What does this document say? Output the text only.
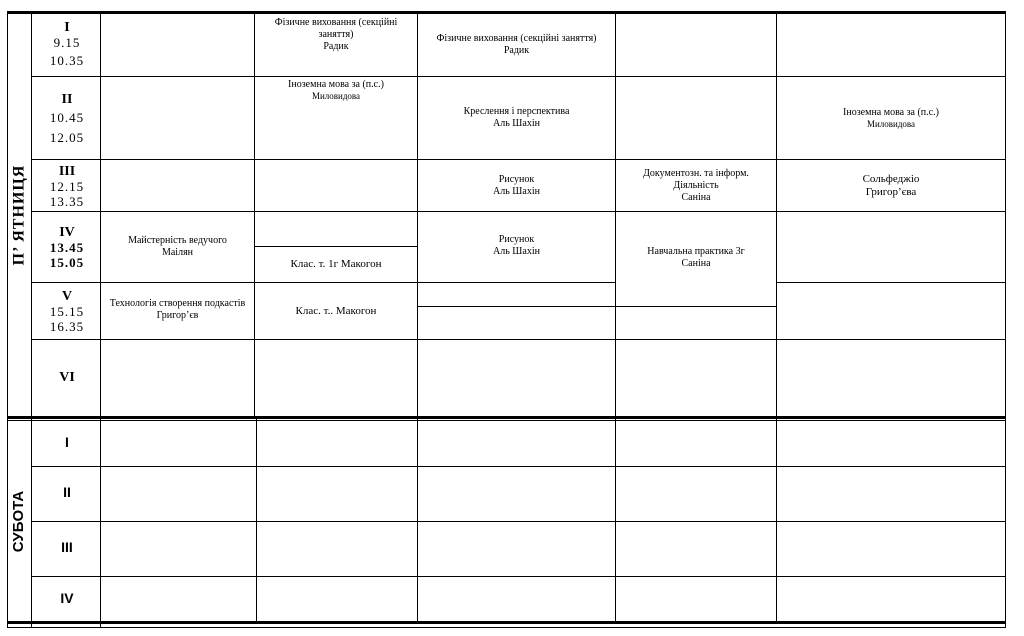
П’ ЯТНИЦЯ
СУБОТА
I
9.15
10.35
II
10.45
12.05
III
12.15
13.35
IV
13.45
15.05
V
15.15
16.35
VI
I
II
III
IV
Фізичне виховання (секційні заняття)
Радик
Фізичне виховання (секційні заняття)
Радик
Іноземна мова за (п.с.)
Миловидова
Креслення і перспектива
Аль Шахін
Іноземна мова за (п.с.)
Миловидова
Рисунок
Аль Шахін
Документозн. та інформ.
Діяльність
Саніна
Сольфеджіо
Григор’єва
Майстерність ведучого
Маілян
Клас. т. 1г Макогон
Рисунок
Аль Шахін	Навчальна практика 3г
Саніна
Технологія створення подкастів
Григор’єв	Клас. т.. Макогон
